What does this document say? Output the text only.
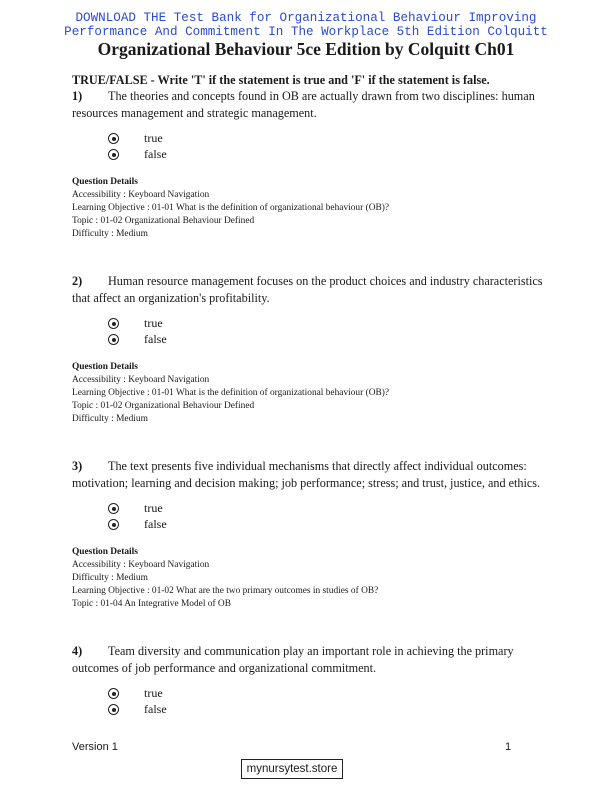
DOWNLOAD THE Test Bank for Organizational Behaviour Improving
Performance And Commitment In The Workplace 5th Edition Colquitt
Organizational Behaviour 5ce Edition by Colquitt Ch01
TRUE/FALSE - Write 'T' if the statement is true and 'F' if the statement is false.

1) The theories and concepts found in OB are actually drawn from two disciplines: human resources management and strategic management.

true
false
Question Details
Accessibility : Keyboard Navigation
Learning Objective : 01-01 What is the definition of organizational behaviour (OB)?
Topic : 01-02 Organizational Behaviour Defined
Difficulty : Medium

2) Human resource management focuses on the product choices and industry characteristics that affect an organization's profitability.

true
false
Question Details
Accessibility : Keyboard Navigation
Learning Objective : 01-01 What is the definition of organizational behaviour (OB)?
Topic : 01-02 Organizational Behaviour Defined
Difficulty : Medium

3) The text presents five individual mechanisms that directly affect individual outcomes: motivation; learning and decision making; job performance; stress; and trust, justice, and ethics.

true
false
Question Details
Accessibility : Keyboard Navigation
Difficulty : Medium
Learning Objective : 01-02 What are the two primary outcomes in studies of OB?
Topic : 01-04 An Integrative Model of OB

4) Team diversity and communication play an important role in achieving the primary outcomes of job performance and organizational commitment.

true
false
Version 1	1
mynursytest.store
